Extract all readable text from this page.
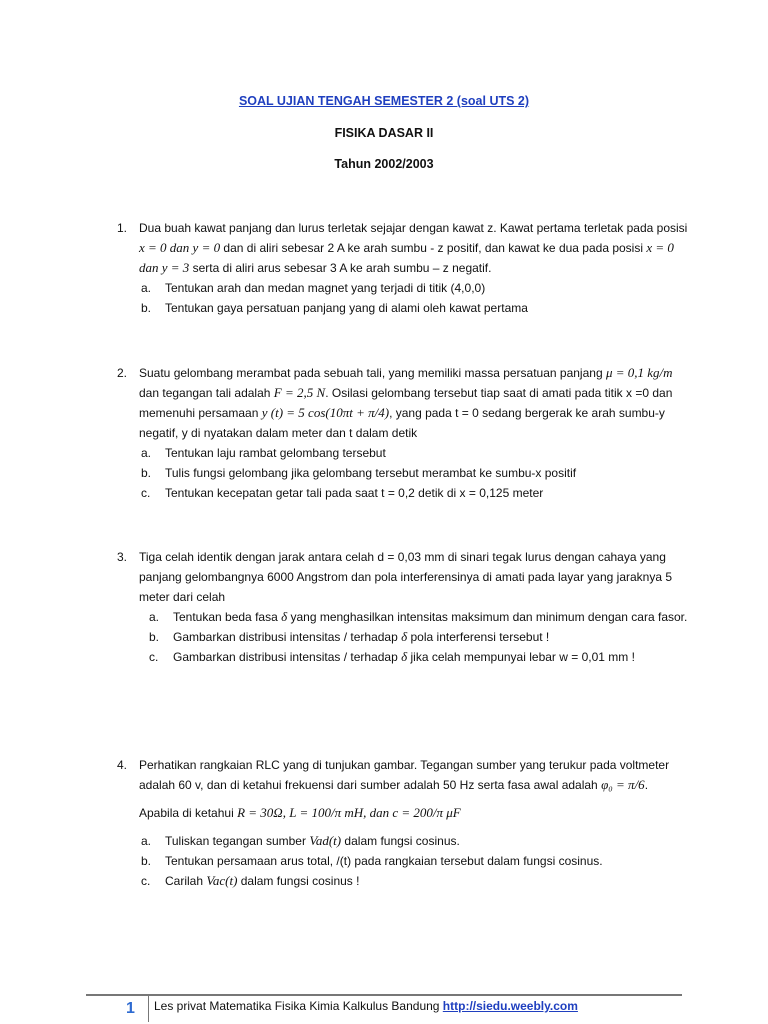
SOAL UJIAN TENGAH SEMESTER 2 (soal UTS 2)
FISIKA DASAR II
Tahun 2002/2003
1. Dua buah kawat panjang dan lurus terletak sejajar dengan kawat z. Kawat pertama terletak pada posisi x = 0 dan y = 0 dan di aliri sebesar 2 A ke arah sumbu - z positif, dan kawat ke dua pada posisi x = 0 dan y = 3 serta di aliri arus sebesar 3 A ke arah sumbu – z negatif.
a.	Tentukan arah dan medan magnet yang terjadi di titik (4,0,0)
b.	Tentukan gaya persatuan panjang yang di alami oleh kawat pertama
2. Suatu gelombang merambat pada sebuah tali, yang memiliki massa persatuan panjang μ = 0,1 kg/m dan tegangan tali adalah F = 2,5 N. Osilasi gelombang tersebut tiap saat di amati pada titik x =0 dan memenuhi persamaan y (t) = 5 cos(10πt + π/4), yang pada t = 0 sedang bergerak ke arah sumbu-y negatif, y di nyatakan dalam meter dan t dalam detik
a.	Tentukan laju rambat gelombang tersebut
b.	Tulis fungsi gelombang jika gelombang tersebut merambat ke sumbu-x positif
c.	Tentukan kecepatan getar tali pada saat t = 0,2 detik di x = 0,125 meter
3. Tiga celah identik dengan jarak antara celah d = 0,03 mm di sinari tegak lurus dengan cahaya yang panjang gelombangnya 6000 Angstrom dan pola interferensinya di amati pada layar yang jaraknya 5 meter dari celah
a.	Tentukan beda fasa δ yang menghasilkan intensitas maksimum dan minimum dengan cara fasor.
b.	Gambarkan distribusi intensitas / terhadap δ pola interferensi tersebut !
c.	Gambarkan distribusi intensitas / terhadap δ jika celah mempunyai lebar w = 0,01 mm !
4. Perhatikan rangkaian RLC yang di tunjukan gambar. Tegangan sumber yang terukur pada voltmeter adalah 60 v, dan di ketahui frekuensi dari sumber adalah 50 Hz serta fasa awal adalah φ₀ = π/6.
Apabila di ketahui R = 30Ω, L = 100/π mH, dan c = 200/π μF
a.	Tuliskan tegangan sumber Vad(t) dalam fungsi cosinus.
b.	Tentukan persamaan arus total, /(t) pada rangkaian tersebut dalam fungsi cosinus.
c.	Carilah Vac(t) dalam fungsi cosinus !
1 Les privat Matematika Fisika Kimia Kalkulus Bandung http://siedu.weebly.com
